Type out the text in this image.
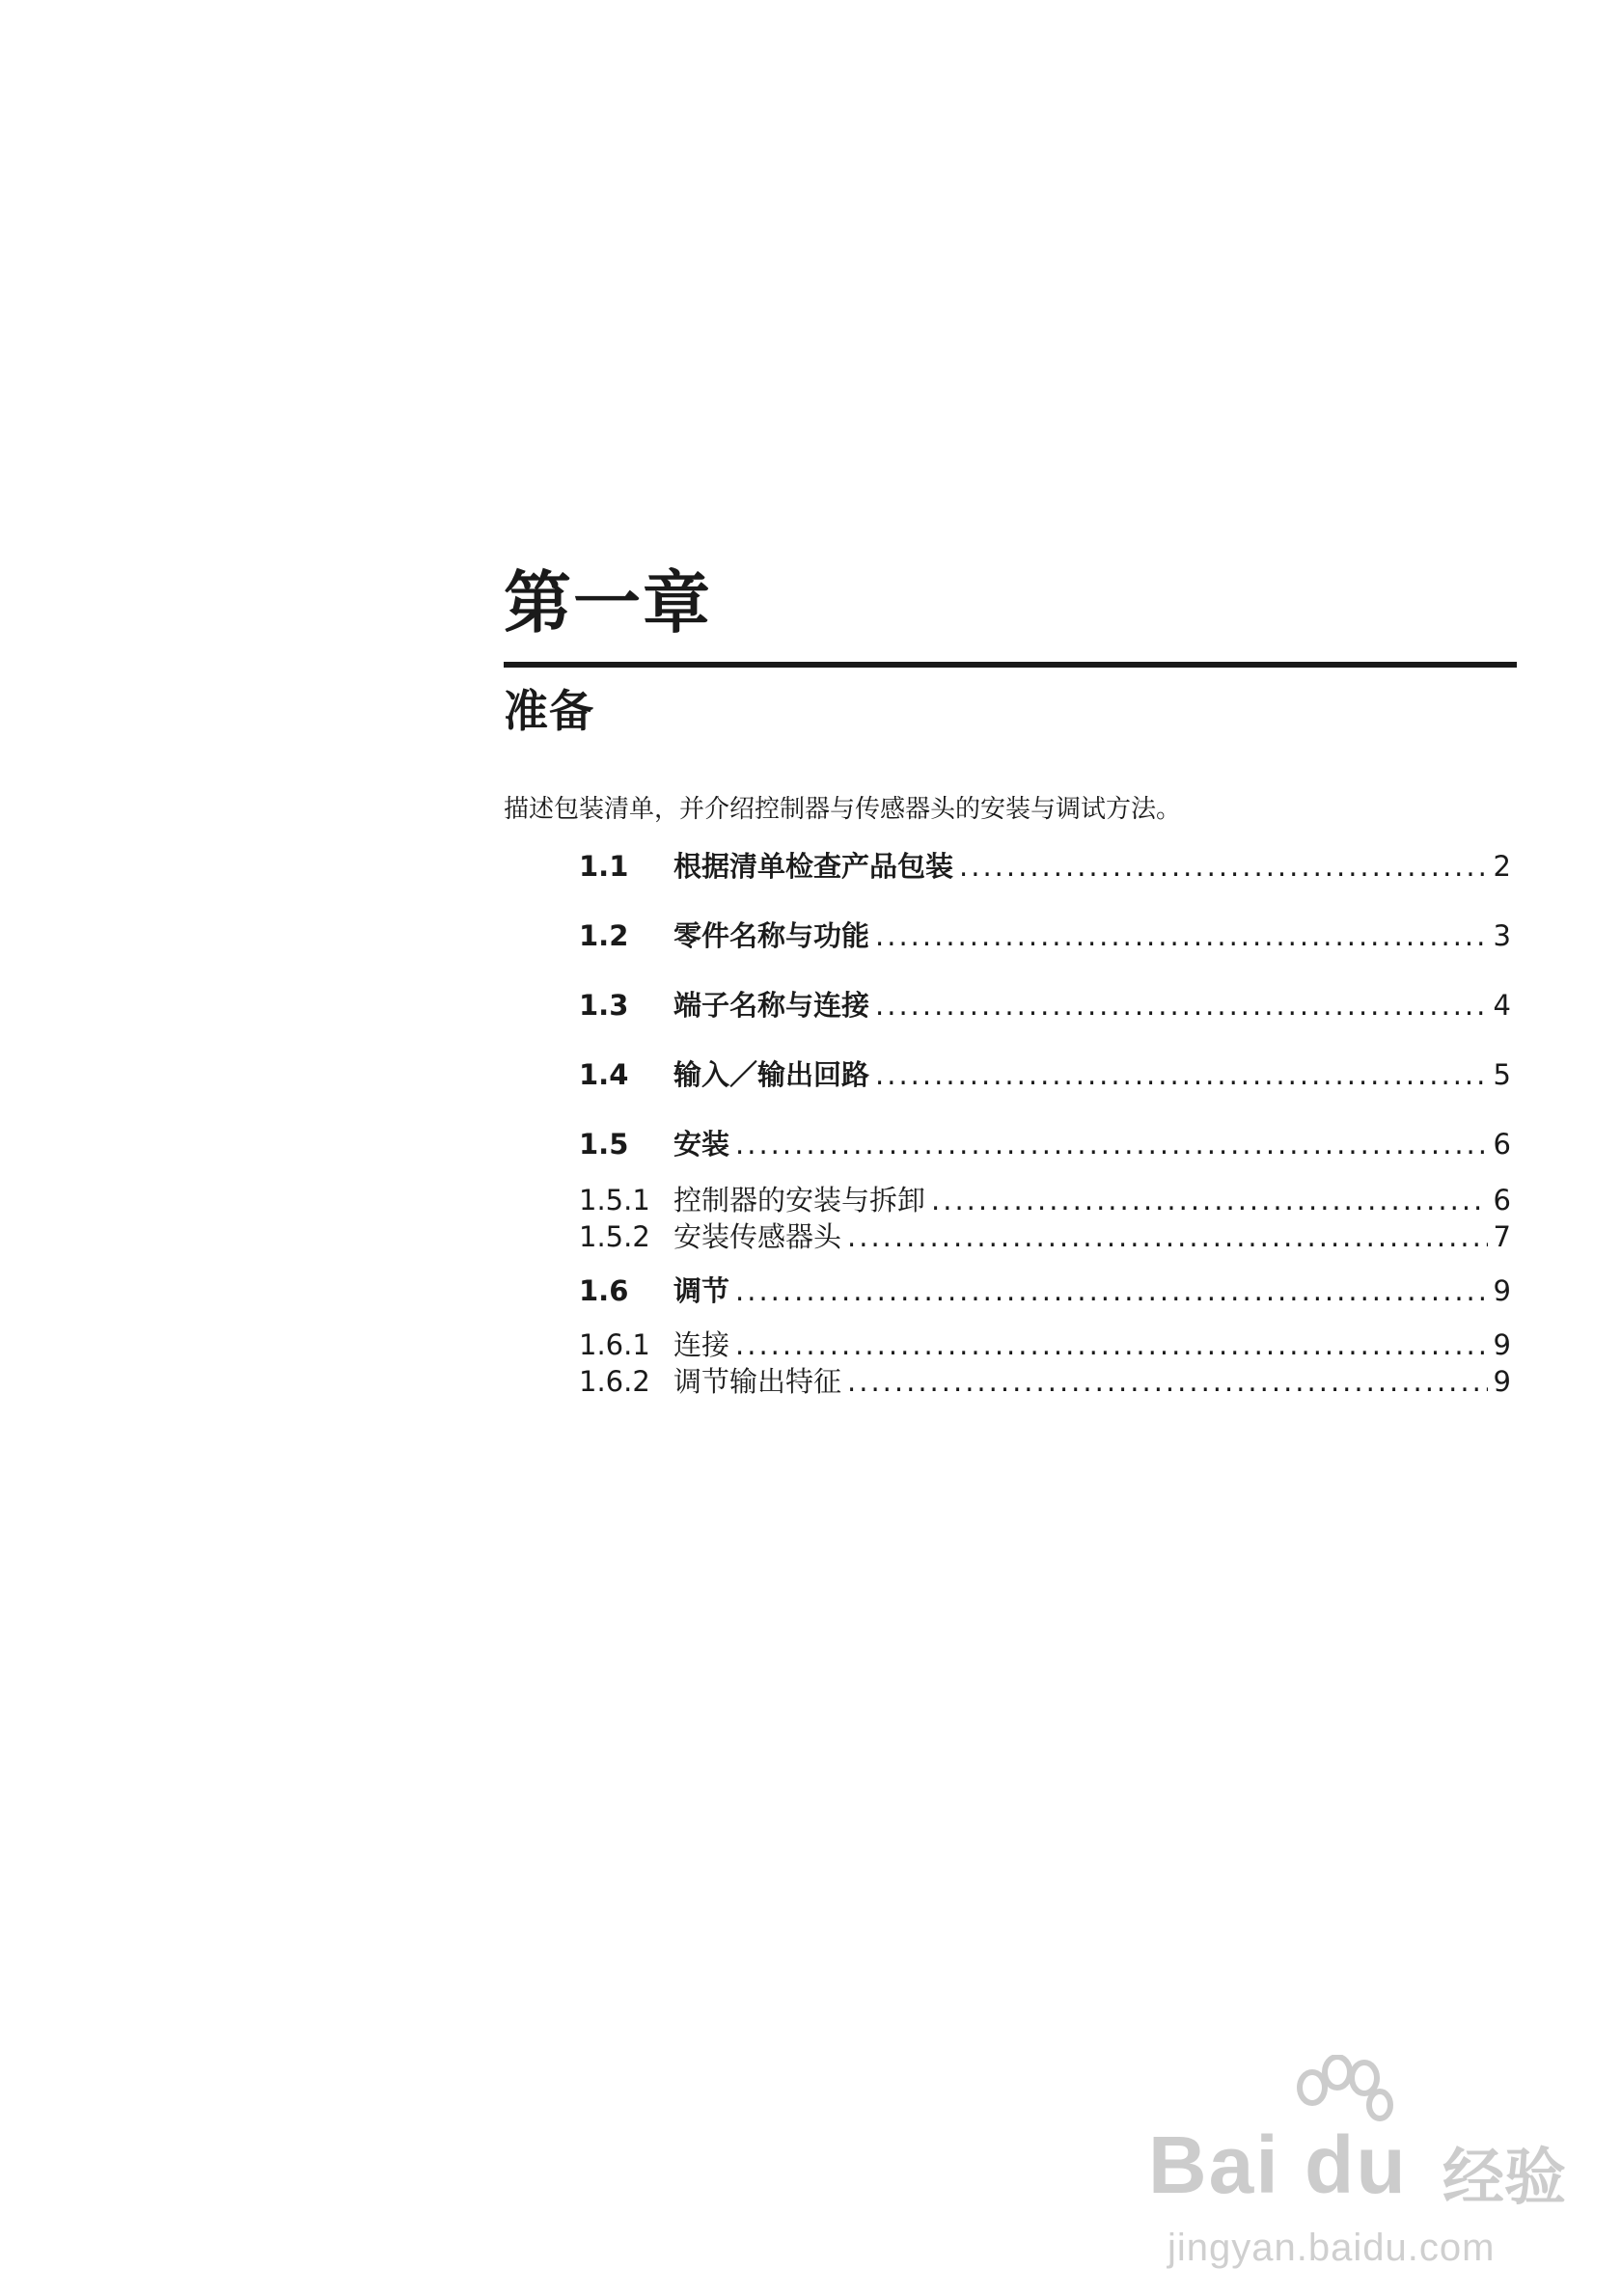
第一章
准备
描述包装清单，并介绍控制器与传感器头的安装与调试方法。
1.1	根据清单检查产品包装 .....	2
1.2	零件名称与功能 .....	3
1.3	端子名称与连接 .....	4
1.4	输入／输出回路 .....	5
1.5	安装 .....	6
1.5.1 控制器的安装与拆卸 .....	6
1.5.2 安装传感器头 .....	7
1.6	调节 .....	9
1.6.1 连接 .....	9
1.6.2 调节输出特征 .....	9
Bai du 经验
jingyan.baidu.com
